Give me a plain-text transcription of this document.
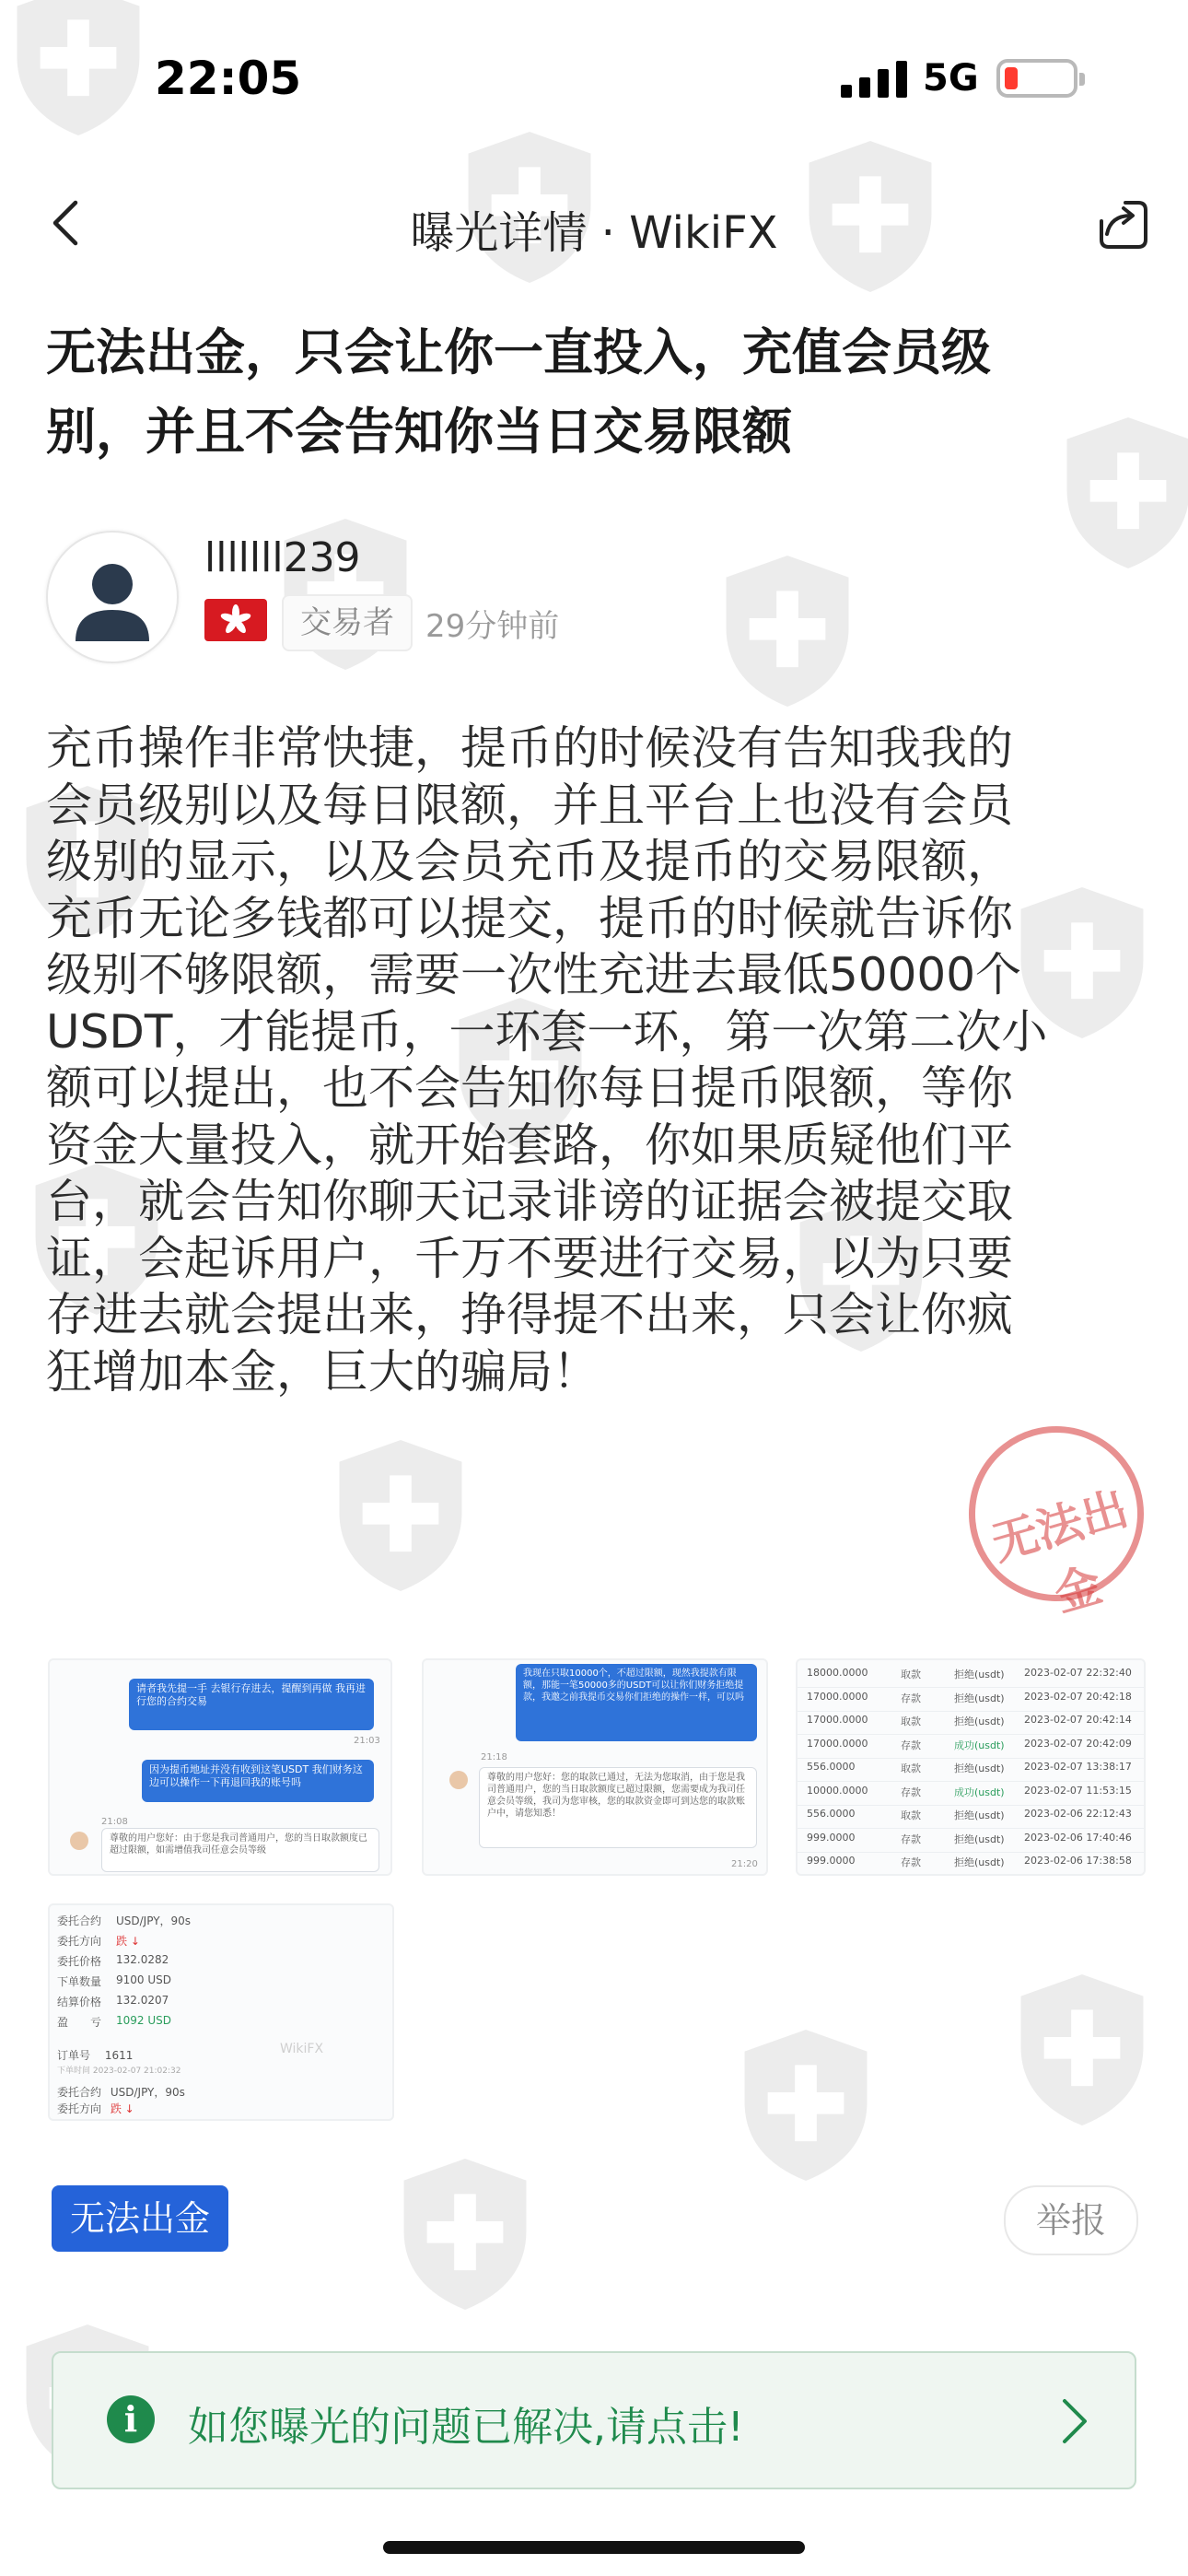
22:05	5G
曝光详情 · WikiFX
无法出金，只会让你一直投入，充值会员级
别，并且不会告知你当日交易限额
lllllll239
交易者	29分钟前
充币操作非常快捷，提币的时候没有告知我我的
会员级别以及每日限额，并且平台上也没有会员
级别的显示，以及会员充币及提币的交易限额，
充币无论多钱都可以提交，提币的时候就告诉你
级别不够限额，需要一次性充进去最低50000个
USDT，才能提币，一环套一环，第一次第二次小
额可以提出，也不会告知你每日提币限额，等你
资金大量投入，就开始套路，你如果质疑他们平
台，就会告知你聊天记录诽谤的证据会被提交取
证，会起诉用户，千万不要进行交易，以为只要
存进去就会提出来，挣得提不出来，只会让你疯
狂增加本金，巨大的骗局！
无法出金
请者我先提一手 去银行存进去，提醒到再做 我再进行您的合约交易
21:03
因为提币地址并没有收到这笔USDT 我们财务这边可以操作一下再退回我的账号吗
21:08
尊敬的用户您好：由于您是我司普通用户，您的当日取款额度已超过限额，如需增值我司任意会员等级
我现在只取10000个，不超过限额，现然我提款有限额，那能一笔50000多的USDT可以让你们财务拒绝提款，我邀之前我提币交易你们拒绝的操作一样，可以吗
21:18
尊敬的用户您好：您的取款已通过，无法为您取消，由于您是我司普通用户，您的当日取款额度已超过限额，您需要成为我司任意会员等级，我司为您审核，您的取款资金即可到达您的取款账户中，请您知悉！
21:20
18000.0000	取款	拒绝(usdt) 2023-02-07 22:32:40
17000.0000	存款	拒绝(usdt) 2023-02-07 20:42:18
17000.0000	取款	拒绝(usdt) 2023-02-07 20:42:14
17000.0000	存款	成功(usdt) 2023-02-07 20:42:09
556.0000	取款	拒绝(usdt) 2023-02-07 13:38:17
10000.0000	存款	成功(usdt) 2023-02-07 11:53:15
556.0000	取款	拒绝(usdt) 2023-02-06 22:12:43
999.0000	存款	拒绝(usdt) 2023-02-06 17:40:46
999.0000	存款	拒绝(usdt) 2023-02-06 17:38:58
委托合约 USD/JPY，90s
委托方向 跌 ↓
委托价格 132.0282
下单数量 9100 USD
结算价格 132.0207
盈　　亏 1092 USD
订单号 1611
下单时间 2023-02-07 21:02:32
委托合约 USD/JPY，90s
委托方向 跌 ↓
WikiFX
无法出金	举报
i	如您曝光的问题已解决,请点击!
